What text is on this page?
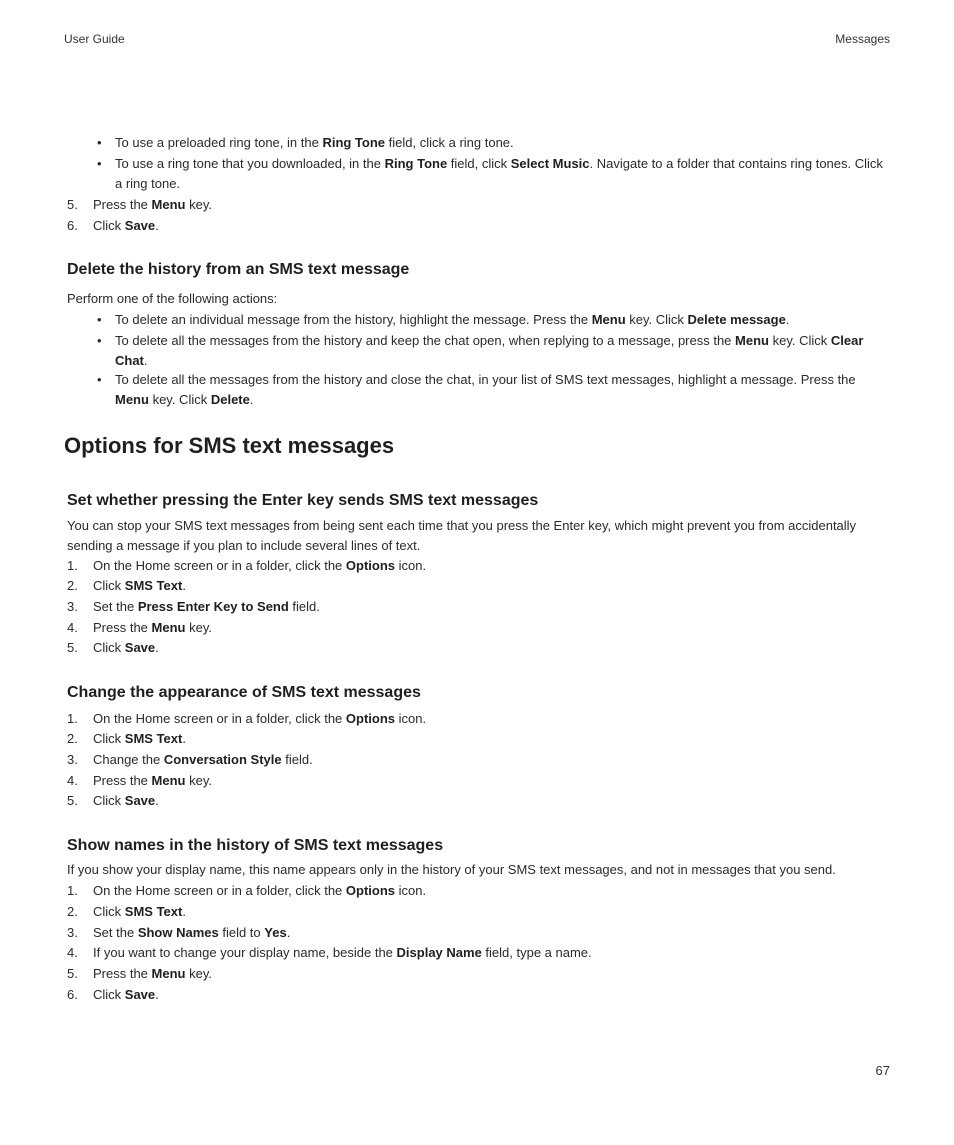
User Guide	Messages
• To use a preloaded ring tone, in the Ring Tone field, click a ring tone.
• To use a ring tone that you downloaded, in the Ring Tone field, click Select Music. Navigate to a folder that contains ring tones. Click a ring tone.
5. Press the Menu key.
6. Click Save.
Delete the history from an SMS text message
Perform one of the following actions:
• To delete an individual message from the history, highlight the message. Press the Menu key. Click Delete message.
• To delete all the messages from the history and keep the chat open, when replying to a message, press the Menu key. Click Clear Chat.
• To delete all the messages from the history and close the chat, in your list of SMS text messages, highlight a message. Press the Menu key. Click Delete.
Options for SMS text messages
Set whether pressing the Enter key sends SMS text messages
You can stop your SMS text messages from being sent each time that you press the Enter key, which might prevent you from accidentally sending a message if you plan to include several lines of text.
1. On the Home screen or in a folder, click the Options icon.
2. Click SMS Text.
3. Set the Press Enter Key to Send field.
4. Press the Menu key.
5. Click Save.
Change the appearance of SMS text messages
1. On the Home screen or in a folder, click the Options icon.
2. Click SMS Text.
3. Change the Conversation Style field.
4. Press the Menu key.
5. Click Save.
Show names in the history of SMS text messages
If you show your display name, this name appears only in the history of your SMS text messages, and not in messages that you send.
1. On the Home screen or in a folder, click the Options icon.
2. Click SMS Text.
3. Set the Show Names field to Yes.
4. If you want to change your display name, beside the Display Name field, type a name.
5. Press the Menu key.
6. Click Save.
67
